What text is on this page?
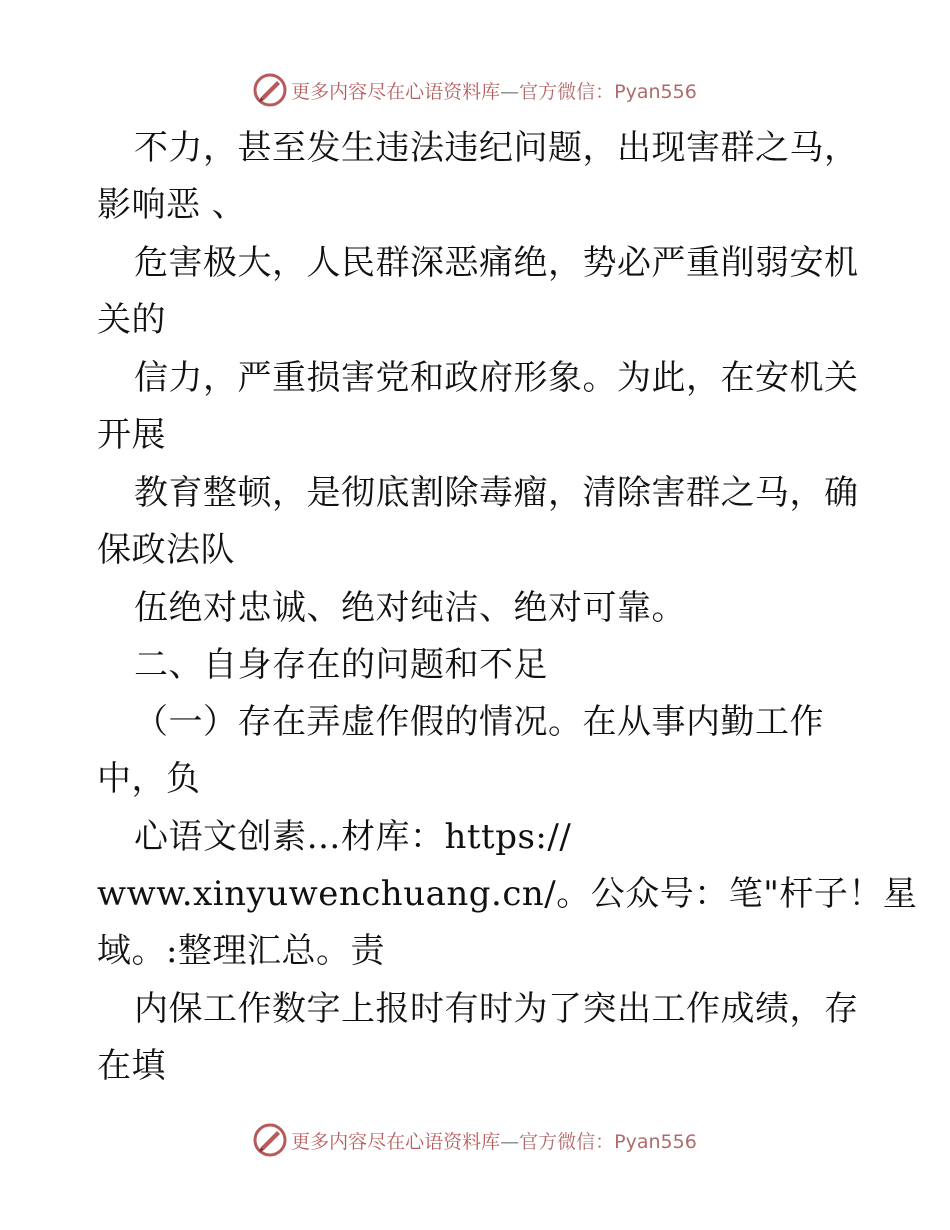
更多内容尽在心语资料库—官方微信：Pyan556
不力，甚至发生违法违纪问题，出现害群之马，
影响恶 、
危害极大，人民群深恶痛绝，势必严重削弱安机
关的
信力，严重损害党和政府形象。为此，在安机关
开展
教育整顿，是彻底割除毒瘤，清除害群之马，确
保政法队
伍绝对忠诚、绝对纯洁、绝对可靠。
二、自身存在的问题和不足
（一）存在弄虚作假的情况。在从事内勤工作
中，负
心语文创素…材库：https://
www.xinyuwenchuang.cn/。公众号：笔"杆子！星
域。:整理汇总。责
内保工作数字上报时有时为了突出工作成绩，存
在填
更多内容尽在心语资料库—官方微信：Pyan556
